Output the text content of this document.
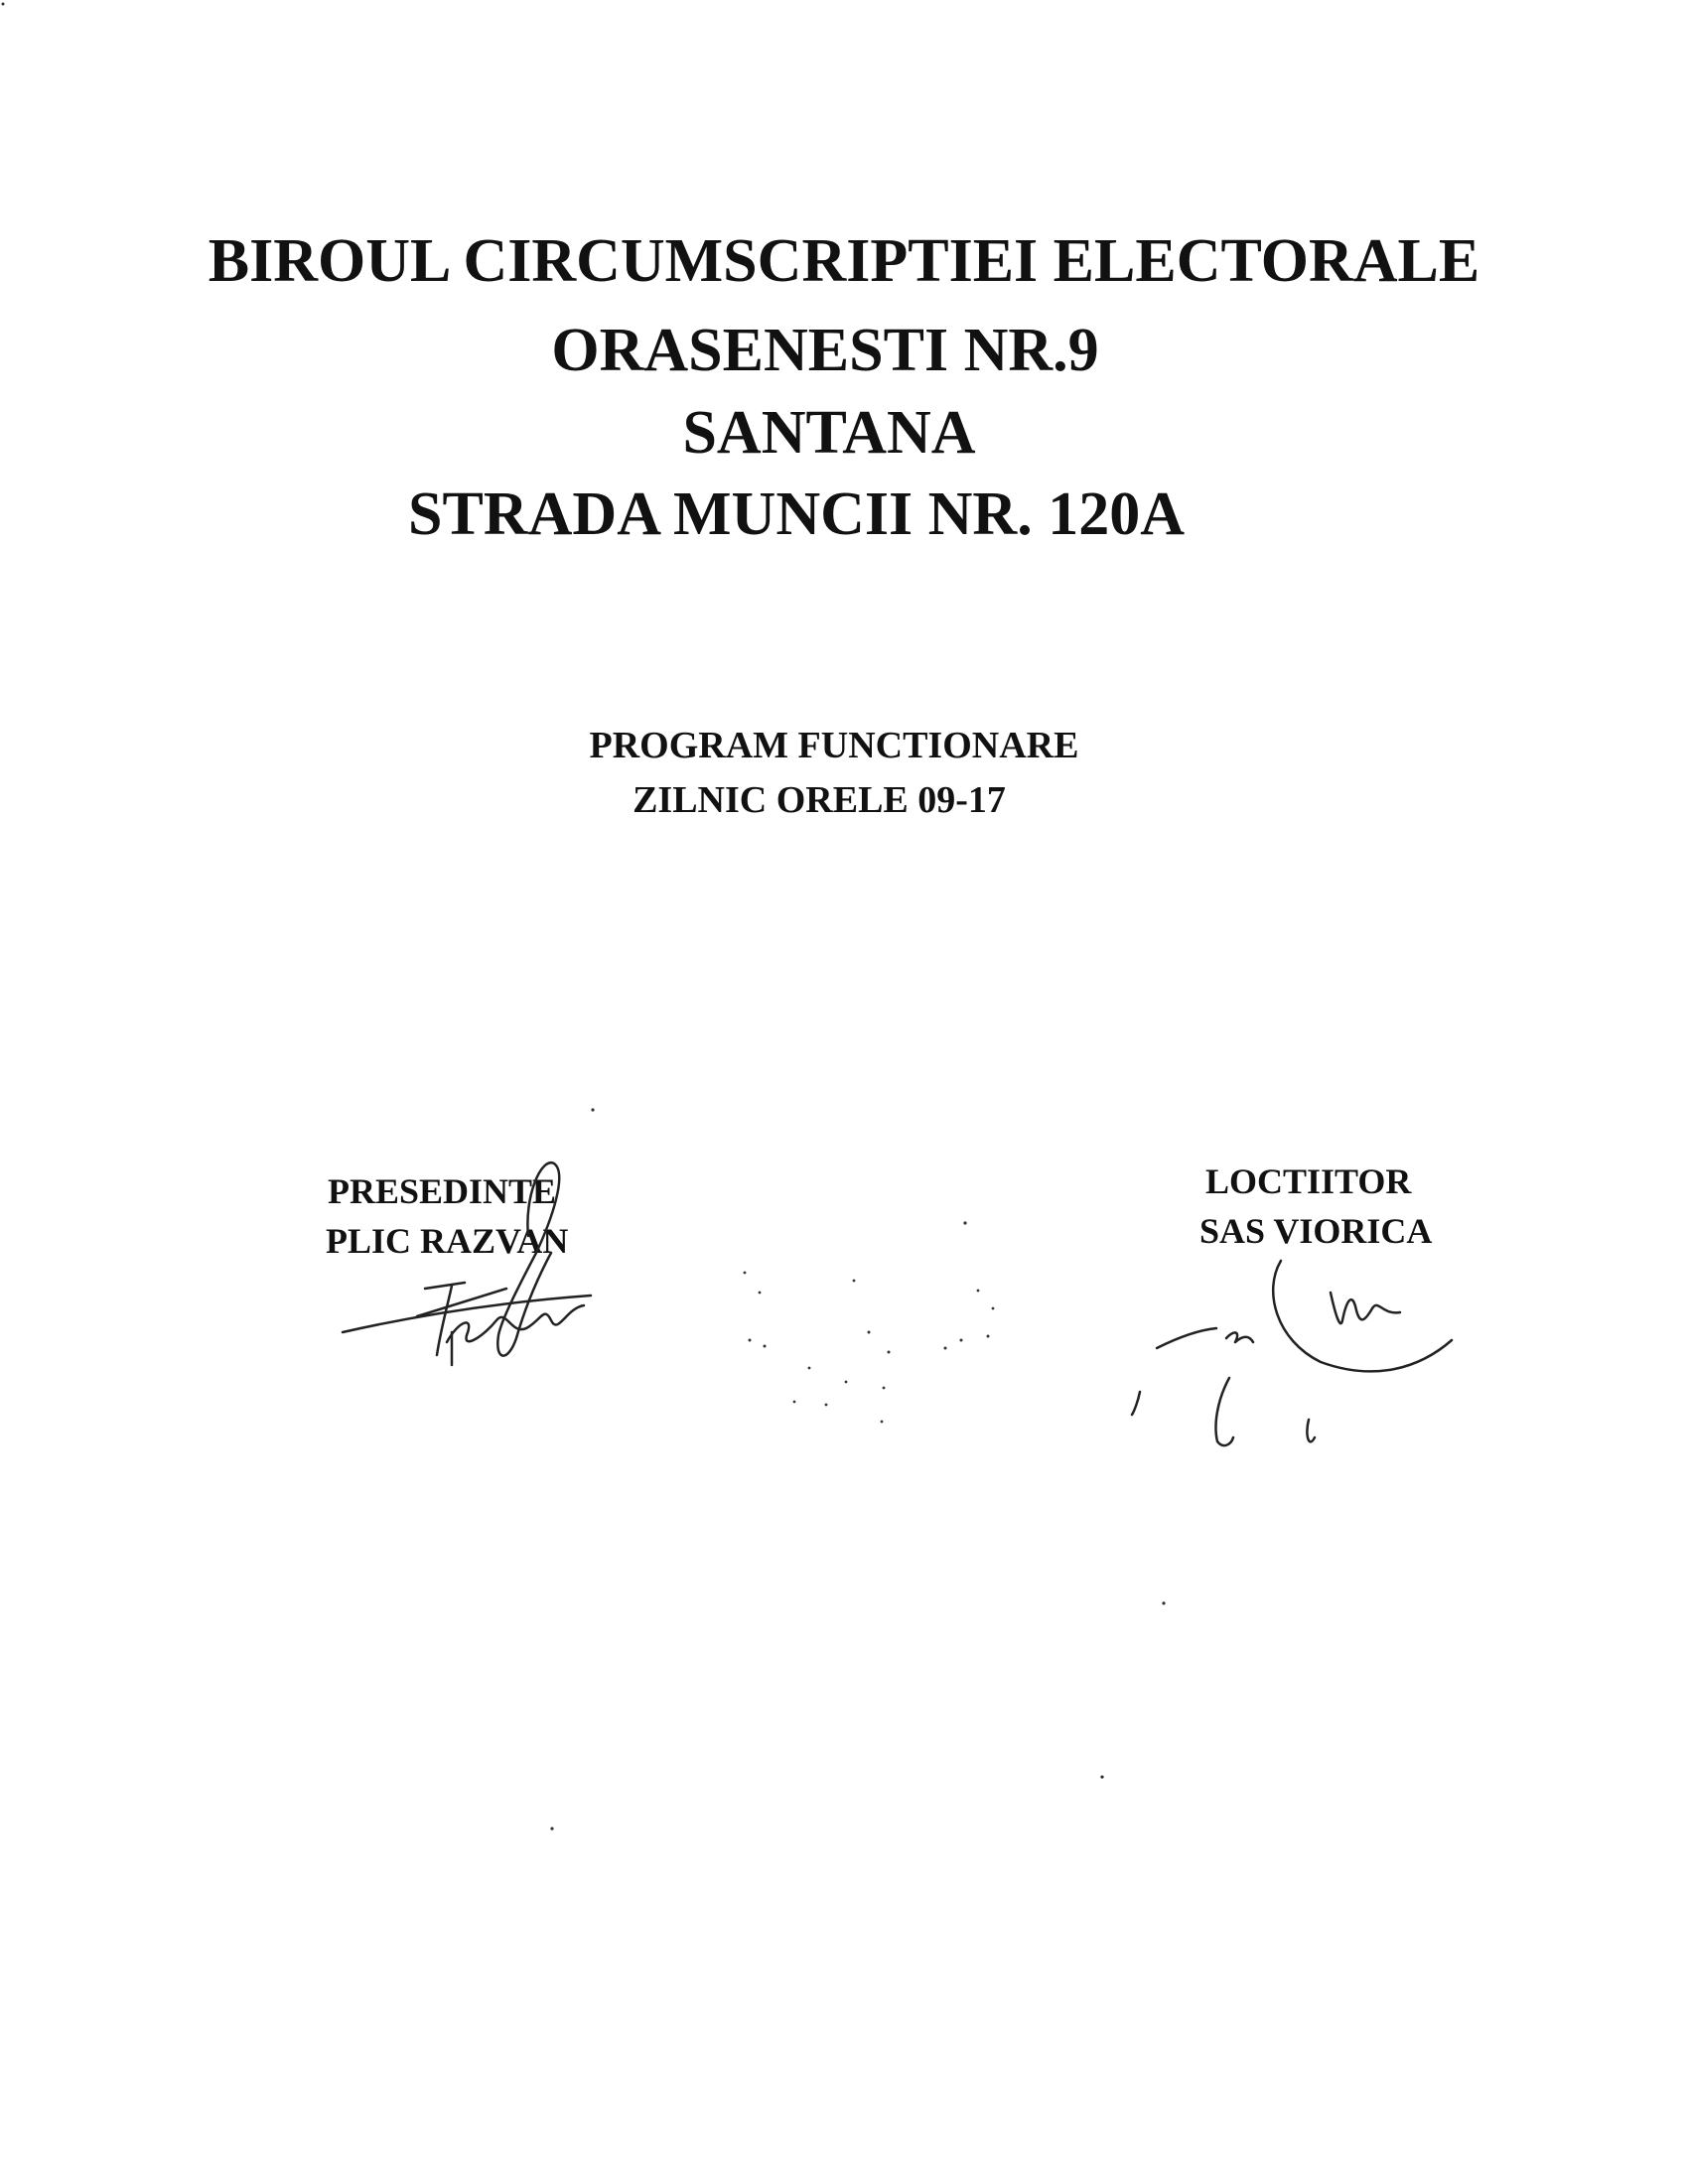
BIROUL CIRCUMSCRIPTIEI ELECTORALE
ORASENESTI NR.9
SANTANA
STRADA MUNCII NR. 120A
PROGRAM FUNCTIONARE
ZILNIC ORELE 09-17
PRESEDINTE
PLIC RAZVAN
LOCTIITOR
SAS VIORICA
